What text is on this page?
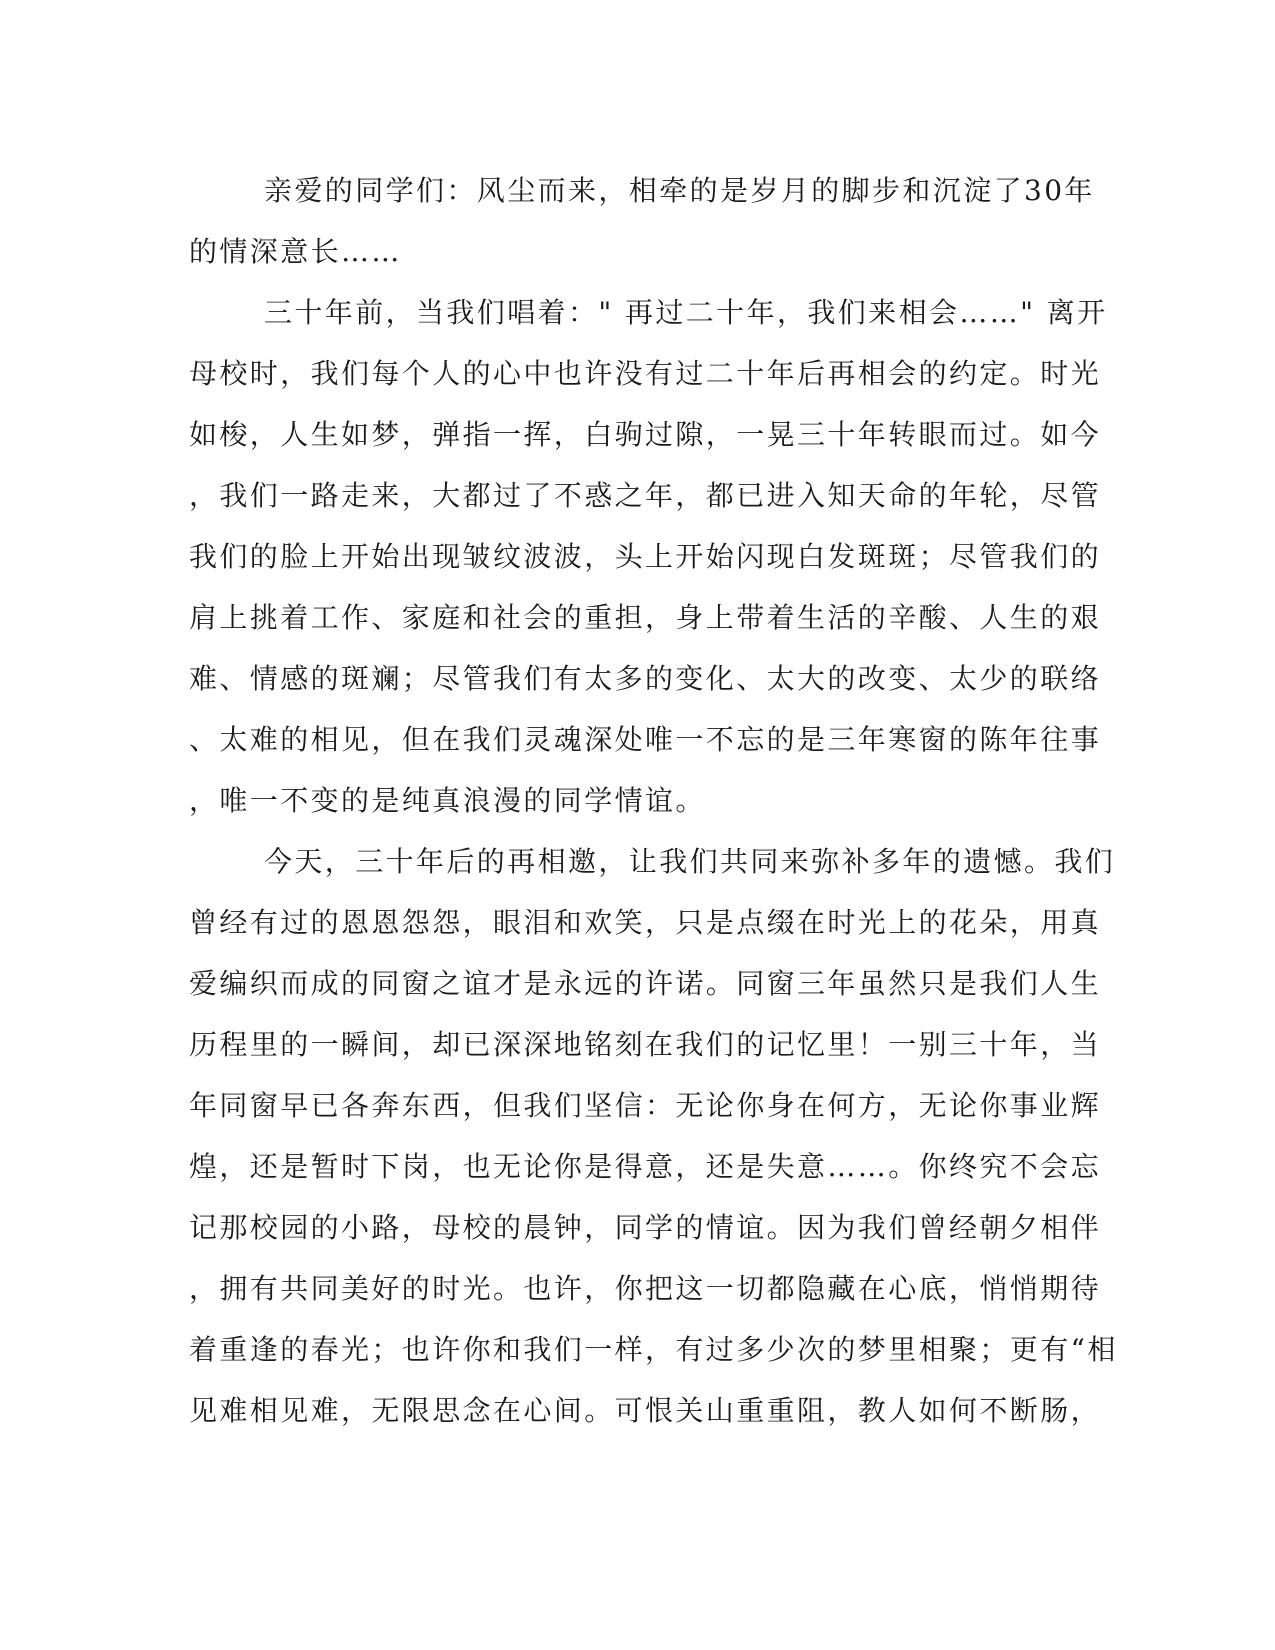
亲爱的同学们：风尘而来，相牵的是岁月的脚步和沉淀了30年
的情深意长……
三十年前，当我们唱着：" 再过二十年，我们来相会……" 离开
母校时，我们每个人的心中也许没有过二十年后再相会的约定。时光
如梭，人生如梦，弹指一挥，白驹过隙，一晃三十年转眼而过。如今
，我们一路走来，大都过了不惑之年，都已进入知天命的年轮，尽管
我们的脸上开始出现皱纹波波，头上开始闪现白发斑斑；尽管我们的
肩上挑着工作、家庭和社会的重担，身上带着生活的辛酸、人生的艰
难、情感的斑斓；尽管我们有太多的变化、太大的改变、太少的联络
、太难的相见，但在我们灵魂深处唯一不忘的是三年寒窗的陈年往事
，唯一不变的是纯真浪漫的同学情谊。
今天，三十年后的再相邀，让我们共同来弥补多年的遗憾。我们
曾经有过的恩恩怨怨，眼泪和欢笑，只是点缀在时光上的花朵，用真
爱编织而成的同窗之谊才是永远的许诺。同窗三年虽然只是我们人生
历程里的一瞬间，却已深深地铭刻在我们的记忆里！一别三十年，当
年同窗早已各奔东西，但我们坚信：无论你身在何方，无论你事业辉
煌，还是暂时下岗，也无论你是得意，还是失意……。你终究不会忘
记那校园的小路，母校的晨钟，同学的情谊。因为我们曾经朝夕相伴
，拥有共同美好的时光。也许，你把这一切都隐藏在心底，悄悄期待
着重逢的春光；也许你和我们一样，有过多少次的梦里相聚；更有“相
见难相见难，无限思念在心间。可恨关山重重阻，教人如何不断肠，
